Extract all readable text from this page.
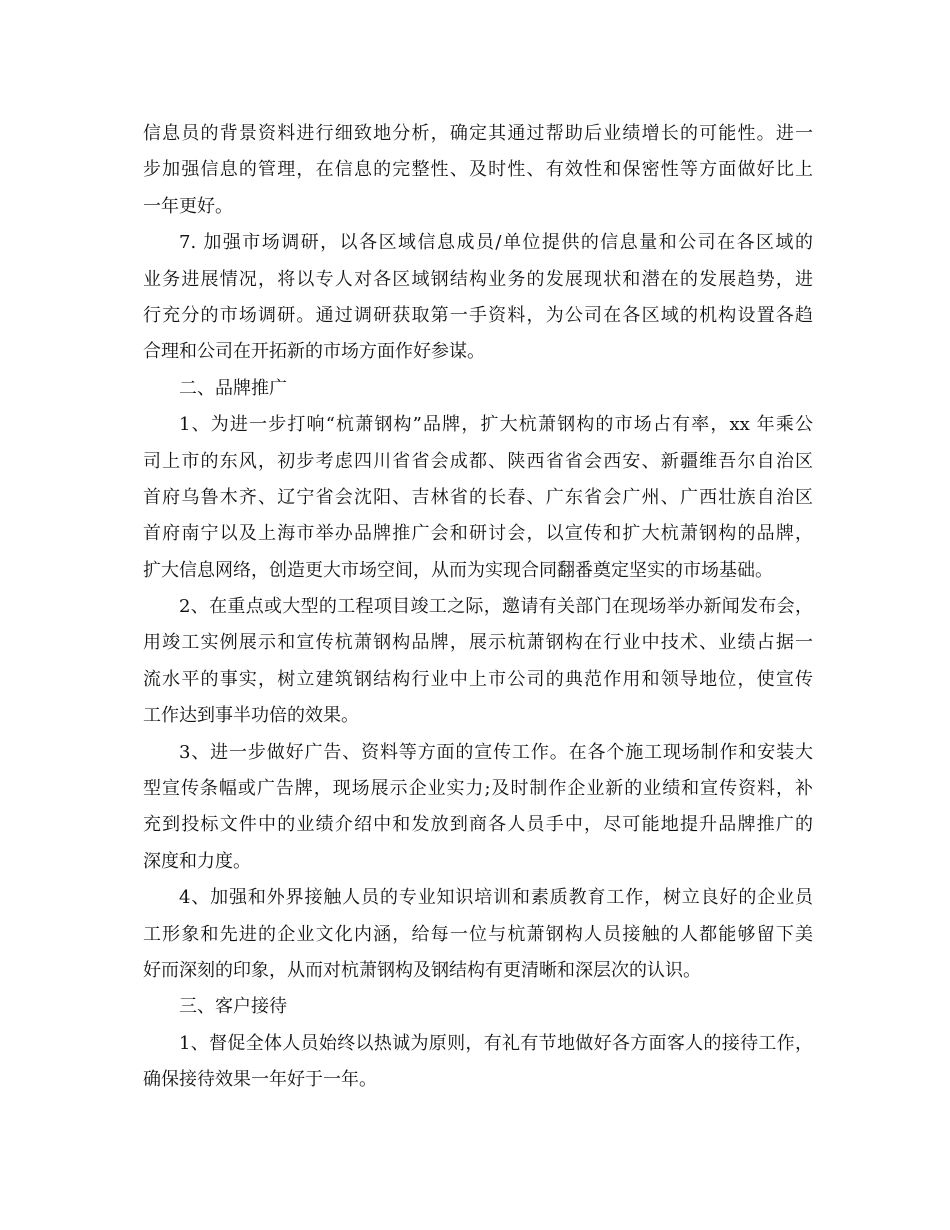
信息员的背景资料进行细致地分析，确定其通过帮助后业绩增长的可能性。进一
步加强信息的管理，在信息的完整性、及时性、有效性和保密性等方面做好比上
一年更好。
7. 加强市场调研，以各区域信息成员/单位提供的信息量和公司在各区域的
业务进展情况，将以专人对各区域钢结构业务的发展现状和潜在的发展趋势，进
行充分的市场调研。通过调研获取第一手资料，为公司在各区域的机构设置各趋
合理和公司在开拓新的市场方面作好参谋。
二、品牌推广
1、为进一步打响“杭萧钢构”品牌，扩大杭萧钢构的市场占有率，xx 年乘公
司上市的东风，初步考虑四川省省会成都、陕西省省会西安、新疆维吾尔自治区
首府乌鲁木齐、辽宁省会沈阳、吉林省的长春、广东省会广州、广西壮族自治区
首府南宁以及上海市举办品牌推广会和研讨会，以宣传和扩大杭萧钢构的品牌，
扩大信息网络，创造更大市场空间，从而为实现合同翻番奠定坚实的市场基础。
2、在重点或大型的工程项目竣工之际，邀请有关部门在现场举办新闻发布会，
用竣工实例展示和宣传杭萧钢构品牌，展示杭萧钢构在行业中技术、业绩占据一
流水平的事实，树立建筑钢结构行业中上市公司的典范作用和领导地位，使宣传
工作达到事半功倍的效果。
3、进一步做好广告、资料等方面的宣传工作。在各个施工现场制作和安装大
型宣传条幅或广告牌，现场展示企业实力;及时制作企业新的业绩和宣传资料，补
充到投标文件中的业绩介绍中和发放到商各人员手中，尽可能地提升品牌推广的
深度和力度。
4、加强和外界接触人员的专业知识培训和素质教育工作，树立良好的企业员
工形象和先进的企业文化内涵，给每一位与杭萧钢构人员接触的人都能够留下美
好而深刻的印象，从而对杭萧钢构及钢结构有更清晰和深层次的认识。
三、客户接待
1、督促全体人员始终以热诚为原则，有礼有节地做好各方面客人的接待工作，
确保接待效果一年好于一年。
